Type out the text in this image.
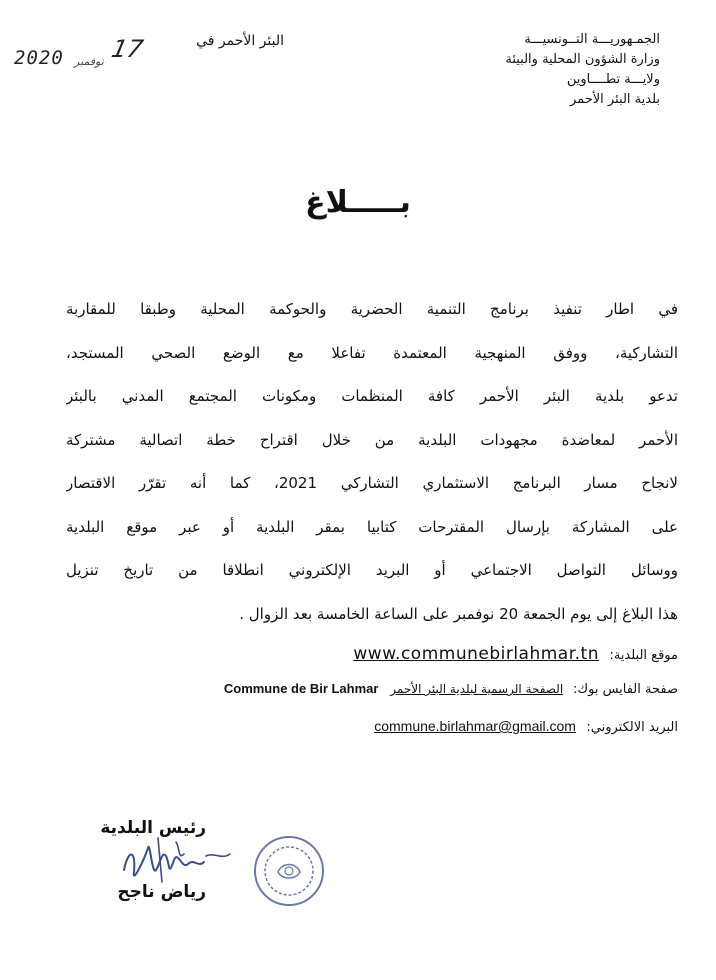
الجمـهوريـــة التــونسيـــة
وزارة الشؤون المحلية والبيئة
ولايـــة تطــــاوين
بلدية البئر الأحمر
البئر الأحمر في
17
نوفمبر
2020
بـــــلاغ
في اطار تنفيذ برنامج التنمية الحضرية والحوكمة المحلية وطبقا للمقاربة
التشاركية، ووفق المنهجية المعتمدة تفاعلا مع الوضع الصحي المستجد،
تدعو بلدية البئر الأحمر كافة المنظمات ومكونات المجتمع المدني بالبئر
الأحمر لمعاضدة مجهودات البلدية من خلال اقتراح خطة اتصالية مشتركة
لانجاح مسار البرنامج الاستثماري التشاركي 2021، كما أنه تقرّر الاقتصار
على المشاركة بإرسال المقترحات كتابيا بمقر البلدية أو عبر موقع البلدية
ووسائل التواصل الاجتماعي أو البريد الإلكتروني انطلاقا من تاريخ تنزيل
هذا البلاغ إلى يوم الجمعة 20 نوفمبر على الساعة الخامسة بعد الزوال .
موقع البلدية: www.communebirlahmar.tn
صفحة الفايس بوك: الصفحة الرسمية لبلدية البئر الأحمر Commune de Bir Lahmar
البريد الالكتروني: commune.birlahmar@gmail.com
رئيس البلدية
رياض ناجح
